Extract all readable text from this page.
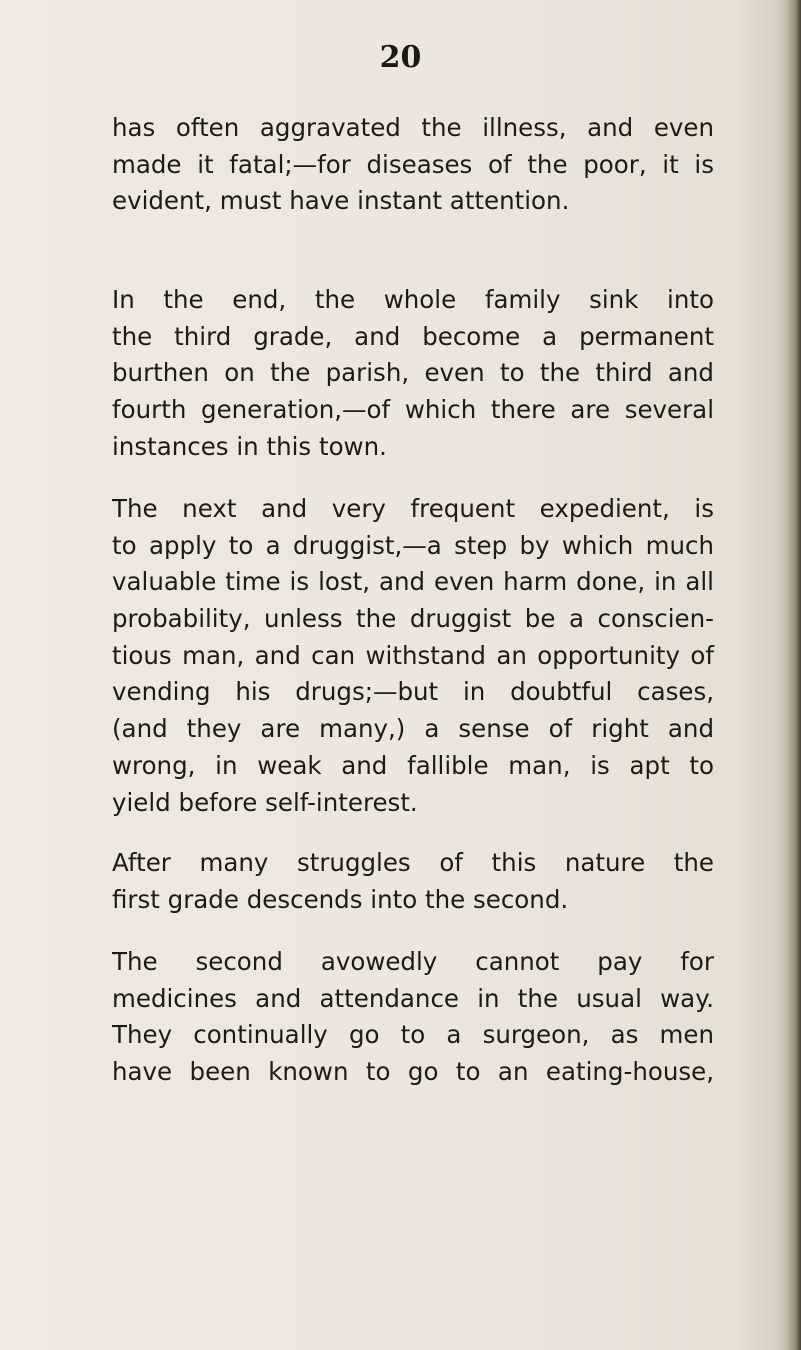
20

has often aggravated the illness, and even
made it fatal;—for diseases of the poor, it is
evident, must have instant attention.

In the end, the whole family sink into
the third grade, and become a permanent
burthen on the parish, even to the third and
fourth generation,—of which there are several
instances in this town.

The next and very frequent expedient, is
to apply to a druggist,—a step by which much
valuable time is lost, and even harm done, in all
probability, unless the druggist be a conscien-
tious man, and can withstand an opportunity of
vending his drugs;—but in doubtful cases,
(and they are many,) a sense of right and
wrong, in weak and fallible man, is apt to
yield before self-interest.

After many struggles of this nature the
first grade descends into the second.

The second avowedly cannot pay for
medicines and attendance in the usual way.
They continually go to a surgeon, as men
have been known to go to an eating-house,
